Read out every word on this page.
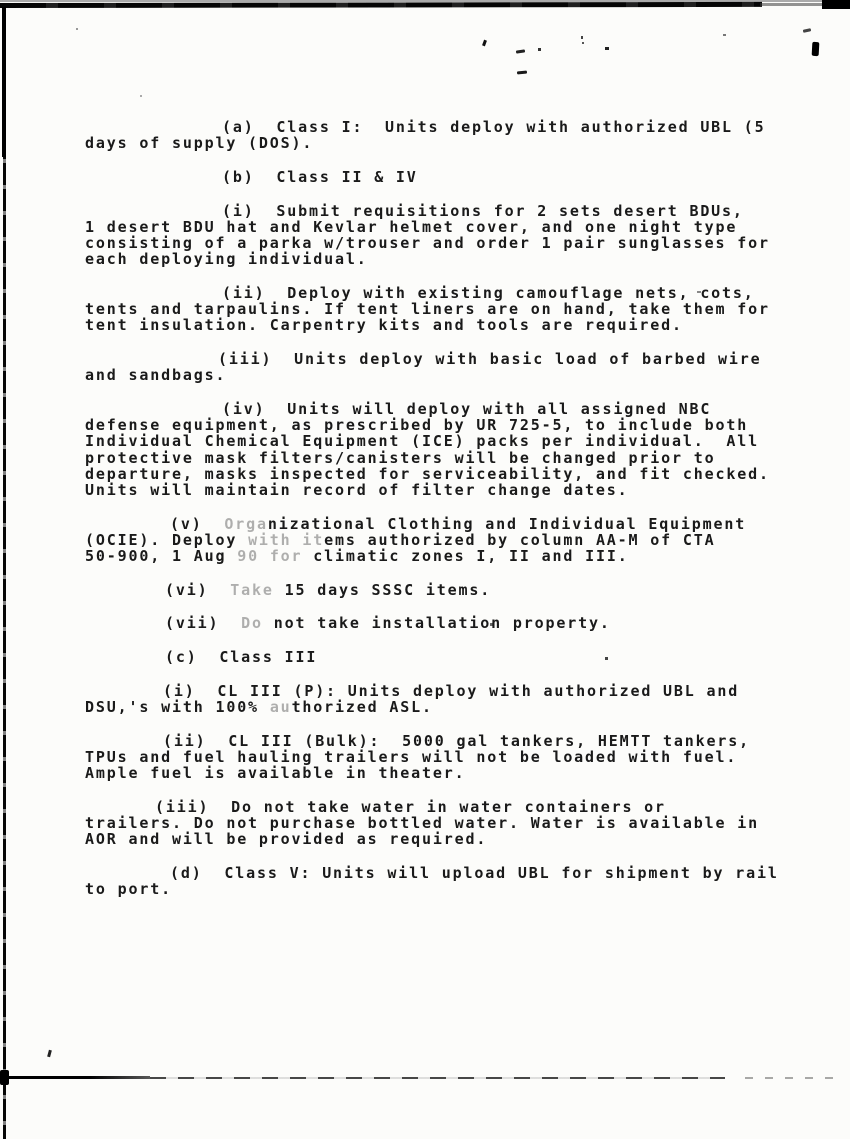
(a)  Class I:  Units deploy with authorized UBL (5
days of supply (DOS).
(b)  Class II & IV
(i)  Submit requisitions for 2 sets desert BDUs,
1 desert BDU hat and Kevlar helmet cover, and one night type
consisting of a parka w/trouser and order 1 pair sunglasses for
each deploying individual.
(ii)  Deploy with existing camouflage nets, cots,
tents and tarpaulins. If tent liners are on hand, take them for
tent insulation. Carpentry kits and tools are required.
(iii)  Units deploy with basic load of barbed wire
and sandbags.
(iv)  Units will deploy with all assigned NBC
defense equipment, as prescribed by UR 725-5, to include both
Individual Chemical Equipment (ICE) packs per individual.  All
protective mask filters/canisters will be changed prior to
departure, masks inspected for serviceability, and fit checked.
Units will maintain record of filter change dates.
(v)  Organizational Clothing and Individual Equipment
(OCIE). Deploy with items authorized by column AA-M of CTA
50-900, 1 Aug 90 for climatic zones I, II and III.
(vi)  Take 15 days SSSC items.
(vii)  Do not take installation property.
(c)  Class III
(i)  CL III (P): Units deploy with authorized UBL and
DSU,'s with 100% authorized ASL.
(ii)  CL III (Bulk):  5000 gal tankers, HEMTT tankers,
TPUs and fuel hauling trailers will not be loaded with fuel.
Ample fuel is available in theater.
(iii)  Do not take water in water containers or
trailers. Do not purchase bottled water. Water is available in
AOR and will be provided as required.
(d)  Class V: Units will upload UBL for shipment by rail
to port.
